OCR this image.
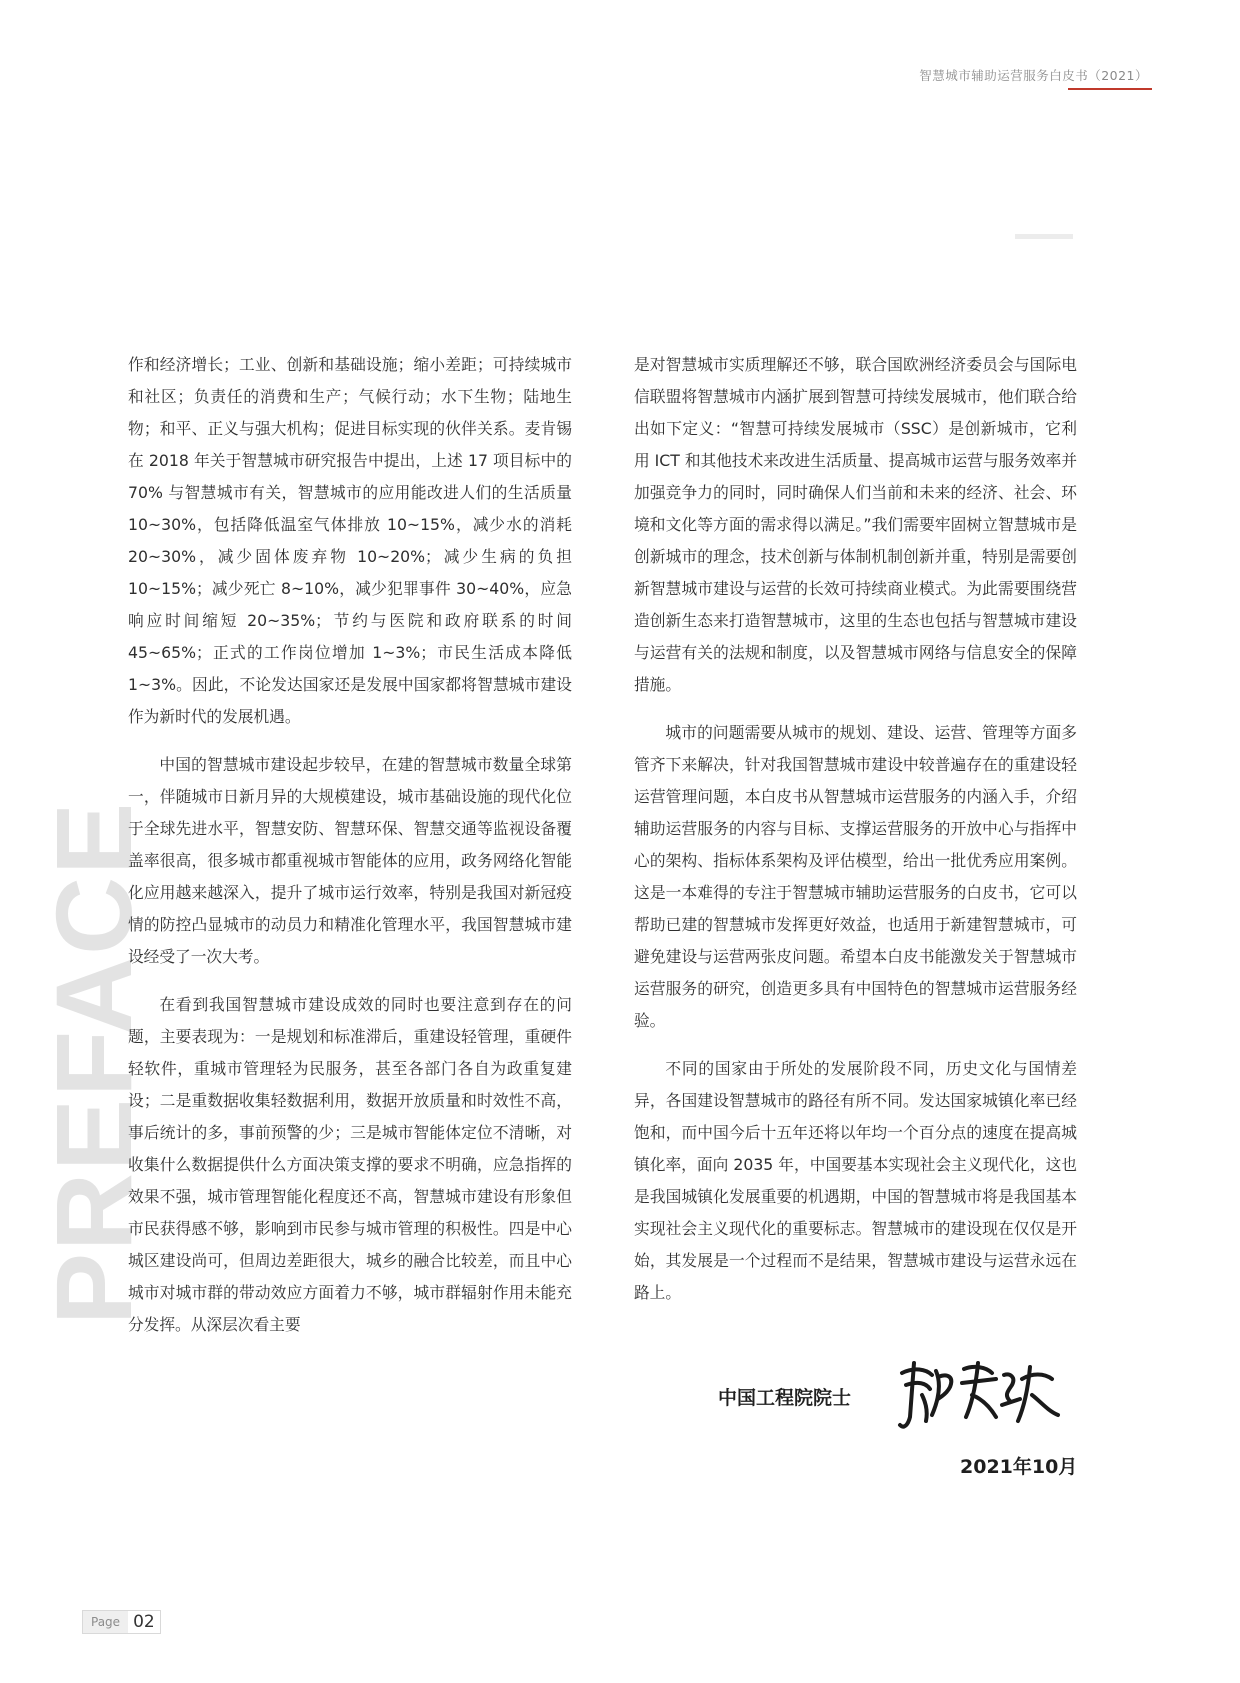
智慧城市辅助运营服务白皮书（2021）
PREFACE

作和经济增长；工业、创新和基础设施；缩小差距；可持续城市和社区；负责任的消费和生产；气候行动；水下生物；陆地生物；和平、正义与强大机构；促进目标实现的伙伴关系。麦肯锡在 2018 年关于智慧城市研究报告中提出，上述 17 项目标中的 70% 与智慧城市有关，智慧城市的应用能改进人们的生活质量 10~30%，包括降低温室气体排放 10~15%，减少水的消耗 20~30%，减少固体废弃物 10~20%；减少生病的负担 10~15%；减少死亡 8~10%，减少犯罪事件 30~40%，应急响应时间缩短 20~35%；节约与医院和政府联系的时间 45~65%；正式的工作岗位增加 1~3%；市民生活成本降低 1~3%。因此，不论发达国家还是发展中国家都将智慧城市建设作为新时代的发展机遇。

中国的智慧城市建设起步较早，在建的智慧城市数量全球第一，伴随城市日新月异的大规模建设，城市基础设施的现代化位于全球先进水平，智慧安防、智慧环保、智慧交通等监视设备覆盖率很高，很多城市都重视城市智能体的应用，政务网络化智能化应用越来越深入，提升了城市运行效率，特别是我国对新冠疫情的防控凸显城市的动员力和精准化管理水平，我国智慧城市建设经受了一次大考。

在看到我国智慧城市建设成效的同时也要注意到存在的问题，主要表现为：一是规划和标准滞后，重建设轻管理，重硬件轻软件，重城市管理轻为民服务，甚至各部门各自为政重复建设；二是重数据收集轻数据利用，数据开放质量和时效性不高，事后统计的多，事前预警的少；三是城市智能体定位不清晰，对收集什么数据提供什么方面决策支撑的要求不明确，应急指挥的效果不强，城市管理智能化程度还不高，智慧城市建设有形象但市民获得感不够，影响到市民参与城市管理的积极性。四是中心城区建设尚可，但周边差距很大，城乡的融合比较差，而且中心城市对城市群的带动效应方面着力不够，城市群辐射作用未能充分发挥。从深层次看主要

是对智慧城市实质理解还不够，联合国欧洲经济委员会与国际电信联盟将智慧城市内涵扩展到智慧可持续发展城市，他们联合给出如下定义：“智慧可持续发展城市（SSC）是创新城市，它利用 ICT 和其他技术来改进生活质量、提高城市运营与服务效率并加强竞争力的同时，同时确保人们当前和未来的经济、社会、环境和文化等方面的需求得以满足。”我们需要牢固树立智慧城市是创新城市的理念，技术创新与体制机制创新并重，特别是需要创新智慧城市建设与运营的长效可持续商业模式。为此需要围绕营造创新生态来打造智慧城市，这里的生态也包括与智慧城市建设与运营有关的法规和制度，以及智慧城市网络与信息安全的保障措施。

城市的问题需要从城市的规划、建设、运营、管理等方面多管齐下来解决，针对我国智慧城市建设中较普遍存在的重建设轻运营管理问题，本白皮书从智慧城市运营服务的内涵入手，介绍辅助运营服务的内容与目标、支撑运营服务的开放中心与指挥中心的架构、指标体系架构及评估模型，给出一批优秀应用案例。这是一本难得的专注于智慧城市辅助运营服务的白皮书，它可以帮助已建的智慧城市发挥更好效益，也适用于新建智慧城市，可避免建设与运营两张皮问题。希望本白皮书能激发关于智慧城市运营服务的研究，创造更多具有中国特色的智慧城市运营服务经验。

不同的国家由于所处的发展阶段不同，历史文化与国情差异，各国建设智慧城市的路径有所不同。发达国家城镇化率已经饱和，而中国今后十五年还将以年均一个百分点的速度在提高城镇化率，面向 2035 年，中国要基本实现社会主义现代化，这也是我国城镇化发展重要的机遇期，中国的智慧城市将是我国基本实现社会主义现代化的重要标志。智慧城市的建设现在仅仅是开始，其发展是一个过程而不是结果，智慧城市建设与运营永远在路上。

中国工程院院士
2021年10月
Page 02
